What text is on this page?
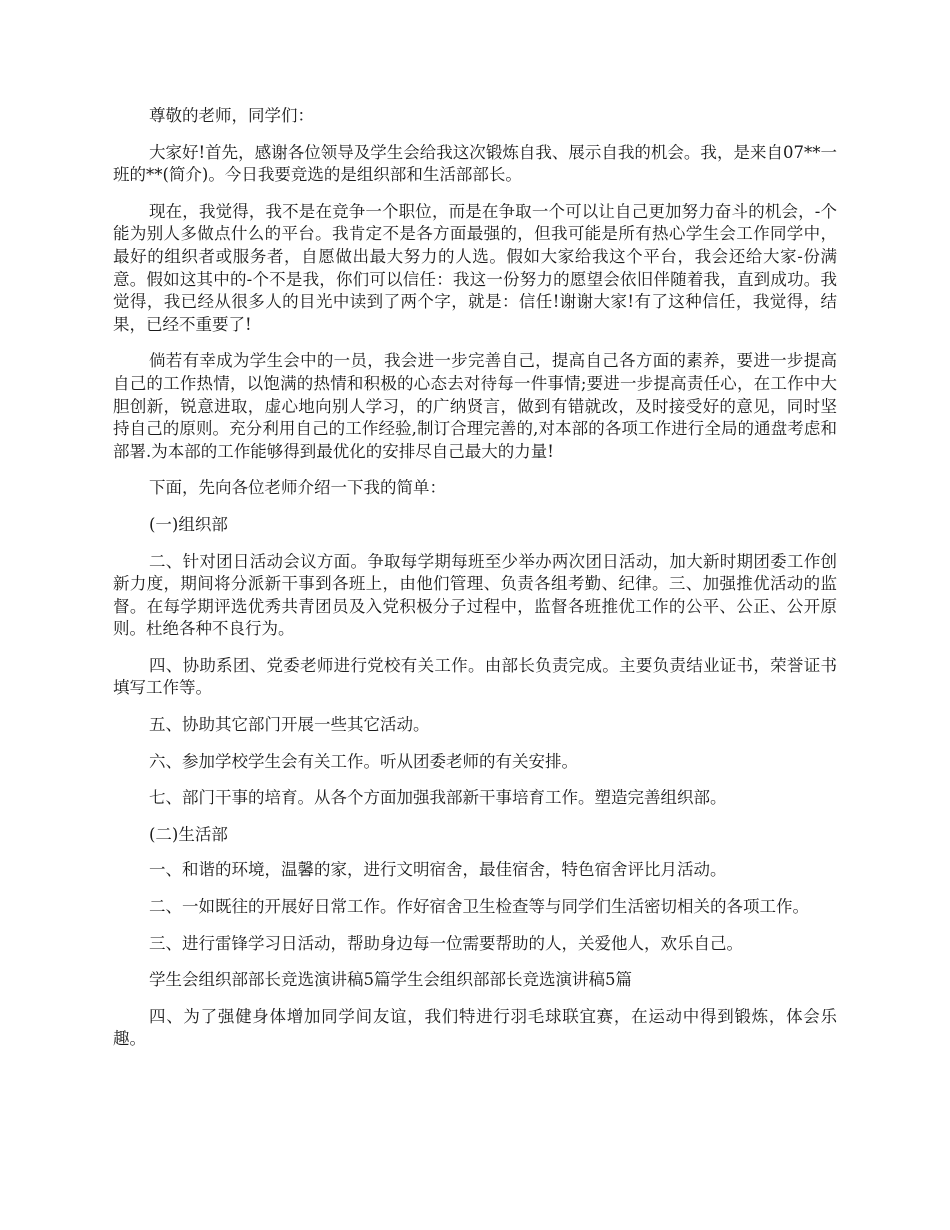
尊敬的老师，同学们：

大家好!首先，感谢各位领导及学生会给我这次锻炼自我、展示自我的机会。我，是来自07**一班的**(简介)。今日我要竞选的是组织部和生活部部长。

现在，我觉得，我不是在竞争一个职位，而是在争取一个可以让自己更加努力奋斗的机会，-个能为别人多做点什么的平台。我肯定不是各方面最强的，但我可能是所有热心学生会工作同学中，最好的组织者或服务者，自愿做出最大努力的人选。假如大家给我这个平台，我会还给大家-份满意。假如这其中的-个不是我，你们可以信任：我这一份努力的愿望会依旧伴随着我，直到成功。我觉得，我已经从很多人的目光中读到了两个字，就是：信任!谢谢大家!有了这种信任，我觉得，结果，已经不重要了!

倘若有幸成为学生会中的一员，我会进一步完善自己，提高自己各方面的素养，要进一步提高自己的工作热情，以饱满的热情和积极的心态去对待每一件事情;要进一步提高责任心，在工作中大胆创新，锐意进取，虚心地向别人学习，的广纳贤言，做到有错就改，及时接受好的意见，同时坚持自己的原则。充分利用自己的工作经验,制订合理完善的,对本部的各项工作进行全局的通盘考虑和部署.为本部的工作能够得到最优化的安排尽自己最大的力量!

下面，先向各位老师介绍一下我的简单：

(一)组织部

二、针对团日活动会议方面。争取每学期每班至少举办两次团日活动，加大新时期团委工作创新力度，期间将分派新干事到各班上，由他们管理、负责各组考勤、纪律。三、加强推优活动的监督。在每学期评选优秀共青团员及入党积极分子过程中，监督各班推优工作的公平、公正、公开原则。杜绝各种不良行为。

四、协助系团、党委老师进行党校有关工作。由部长负责完成。主要负责结业证书，荣誉证书填写工作等。

五、协助其它部门开展一些其它活动。

六、参加学校学生会有关工作。听从团委老师的有关安排。

七、部门干事的培育。从各个方面加强我部新干事培育工作。塑造完善组织部。

(二)生活部

一、和谐的环境，温馨的家，进行文明宿舍，最佳宿舍，特色宿舍评比月活动。

二、一如既往的开展好日常工作。作好宿舍卫生检查等与同学们生活密切相关的各项工作。

三、进行雷锋学习日活动，帮助身边每一位需要帮助的人，关爱他人，欢乐自己。

学生会组织部部长竞选演讲稿5篇学生会组织部部长竞选演讲稿5篇

四、为了强健身体增加同学间友谊，我们特进行羽毛球联宜赛，在运动中得到锻炼，体会乐趣。
